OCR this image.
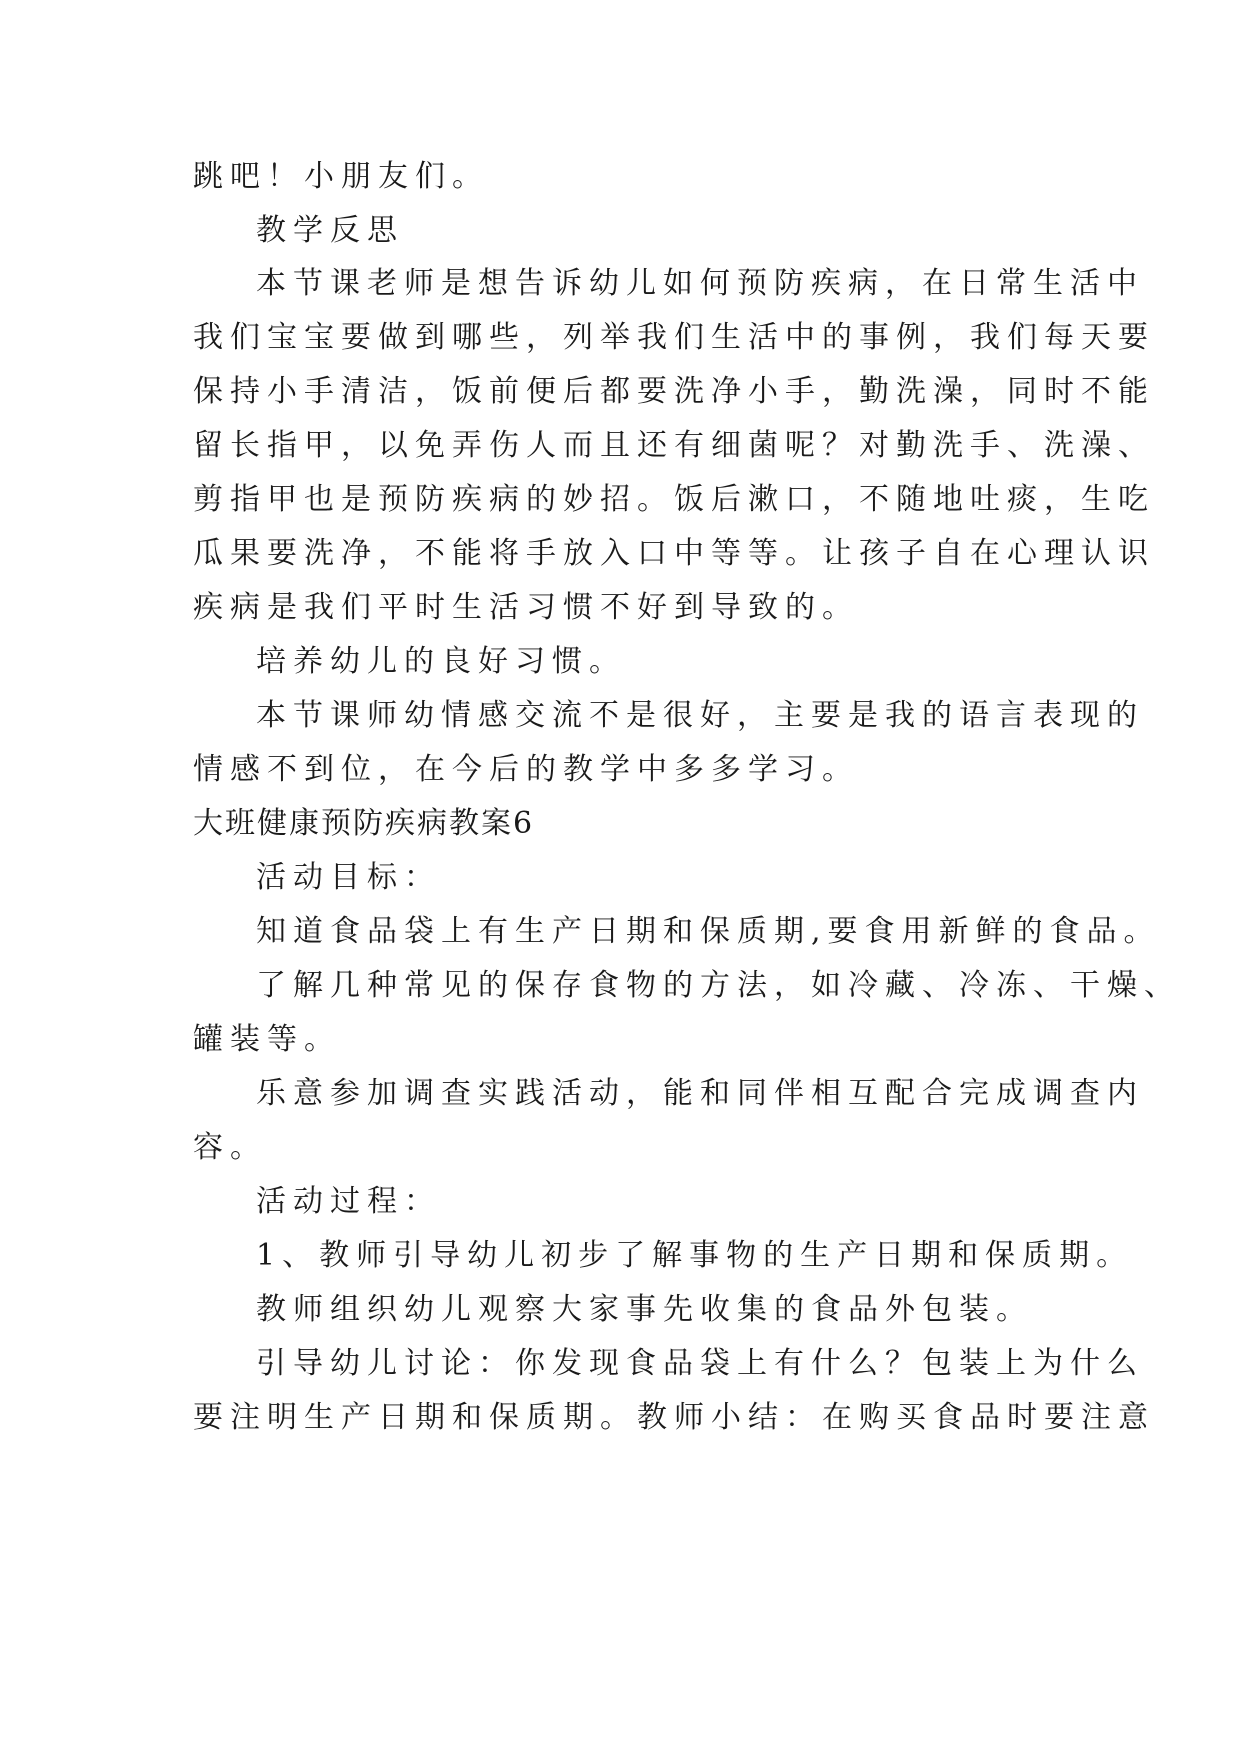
跳吧！小朋友们。
教学反思
本节课老师是想告诉幼儿如何预防疾病，在日常生活中
我们宝宝要做到哪些，列举我们生活中的事例，我们每天要
保持小手清洁，饭前便后都要洗净小手，勤洗澡，同时不能
留长指甲，以免弄伤人而且还有细菌呢？对勤洗手、洗澡、
剪指甲也是预防疾病的妙招。饭后漱口，不随地吐痰，生吃
瓜果要洗净，不能将手放入口中等等。让孩子自在心理认识
疾病是我们平时生活习惯不好到导致的。
培养幼儿的良好习惯。
本节课师幼情感交流不是很好，主要是我的语言表现的
情感不到位，在今后的教学中多多学习。
大班健康预防疾病教案6
活动目标：
知道食品袋上有生产日期和保质期,要食用新鲜的食品。
了解几种常见的保存食物的方法，如冷藏、冷冻、干燥、
罐装等。
乐意参加调查实践活动，能和同伴相互配合完成调查内
容。
活动过程：
1、教师引导幼儿初步了解事物的生产日期和保质期。
教师组织幼儿观察大家事先收集的食品外包装。
引导幼儿讨论：你发现食品袋上有什么？包装上为什么
要注明生产日期和保质期。教师小结：在购买食品时要注意
